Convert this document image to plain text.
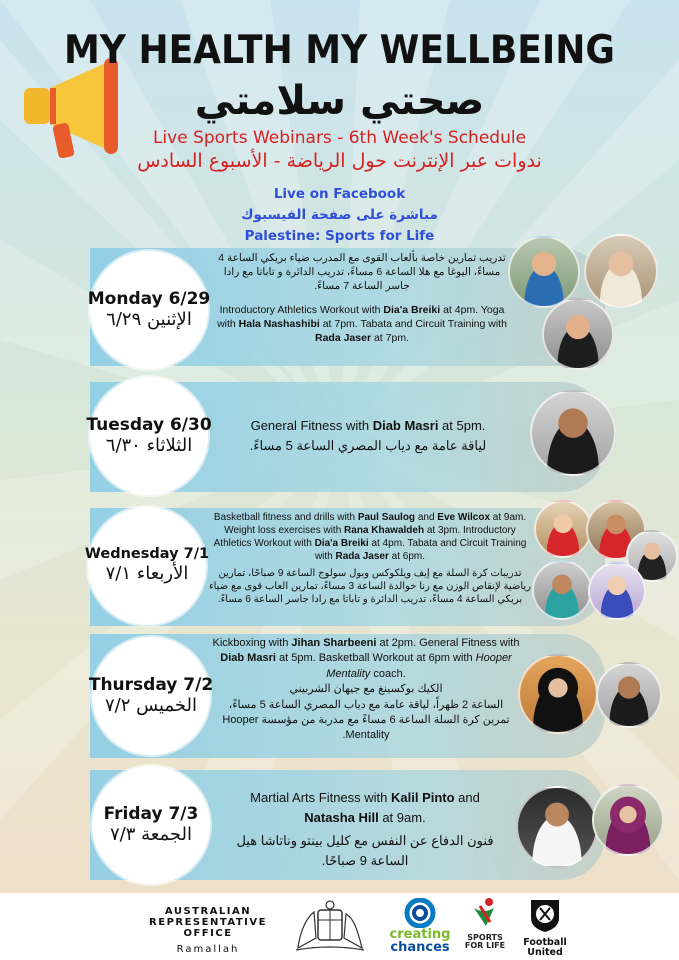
MY HEALTH MY WELLBEING
صحتي سلامتي
Live Sports Webinars - 6th Week's Schedule
ندوات عبر الإنترنت حول الرياضة - الأسبوع السادس
Live on Facebook
مباشرة على صفحة الفيسبوك
Palestine: Sports for Life
Monday 6/29
الإثنين ٦/٢٩

تدريب تمارين خاصة بألعاب القوى مع المدرب ضياء بريكي الساعة 4 مساءً، اليوغا مع هلا الساعة 6 مساءً، تدريب الدائرة و تاباتا مع رادا جاسر الساعة 7 مساءً.

Introductory Athletics Workout with Dia'a Breiki at 4pm. Yoga with Hala Nashashibi at 7pm. Tabata and Circuit Training with Rada Jaser at 7pm.

Tuesday 6/30
الثلاثاء ٦/٣٠

General Fitness with Diab Masri at 5pm.

لياقة عامة مع دياب المصري الساعة 5 مساءً.

Wednesday 7/1
الأربعاء ٧/١

Basketball fitness and drills with Paul Saulog and Eve Wilcox at 9am. Weight loss exercises with Rana Khawaldeh at 3pm. Introductory Athletics Workout with Dia'a Breiki at 4pm. Tabata and Circuit Training with Rada Jaser at 6pm.

تدريبات كرة السلة مع إيف ويلكوكس وبول سولوج الساعة 9 صباحًا، تمارين رياضية لإنقاص الوزن مع رنا خوالدة الساعة 3 مساءً، تمارين العاب قوى مع ضياء بريكي الساعة 4 مساءً، تدريب الدائرة و تاباتا مع رادا جاسر الساعة 6 مساءً.

Thursday 7/2
الخميس ٧/٢

Kickboxing with Jihan Sharbeeni at 2pm. General Fitness with Diab Masri at 5pm. Basketball Workout at 6pm with Hooper Mentality coach.

الكيك بوكسينغ مع جيهان الشربيني

الساعة 2 ظهراً، لياقة عامة مع دياب المصري الساعة 5 مساءً،

تمرين كرة السلة الساعة 6 مساءً مع مدربة من مؤسسة Hooper

Mentality.

Friday 7/3
الجمعة ٧/٣

Martial Arts Fitness with Kalil Pinto and Natasha Hill at 9am.

فنون الدفاع عن النفس مع كليل بينتو وناتاشا هيل الساعة 9 صباحًا.

AUSTRALIAN
REPRESENTATIVE OFFICE
Ramallah
creating
chances
SPORTS
FOR LIFE	Football
United
